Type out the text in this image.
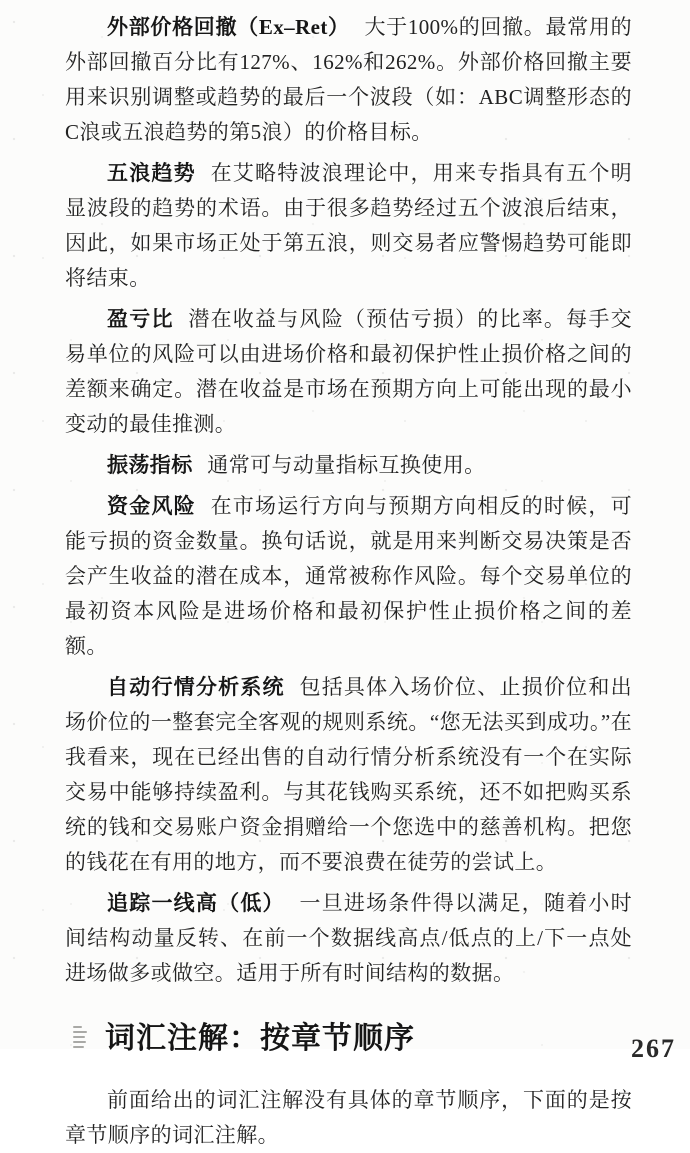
外部价格回撤（Ex–Ret） 大于100%的回撤。最常用的外部回撤百分比有127%、162%和262%。外部价格回撤主要用来识别调整或趋势的最后一个波段（如：ABC调整形态的C浪或五浪趋势的第5浪）的价格目标。

五浪趋势 在艾略特波浪理论中，用来专指具有五个明显波段的趋势的术语。由于很多趋势经过五个波浪后结束，因此，如果市场正处于第五浪，则交易者应警惕趋势可能即将结束。

盈亏比 潜在收益与风险（预估亏损）的比率。每手交易单位的风险可以由进场价格和最初保护性止损价格之间的差额来确定。潜在收益是市场在预期方向上可能出现的最小变动的最佳推测。

振荡指标 通常可与动量指标互换使用。

资金风险 在市场运行方向与预期方向相反的时候，可能亏损的资金数量。换句话说，就是用来判断交易决策是否会产生收益的潜在成本，通常被称作风险。每个交易单位的最初资本风险是进场价格和最初保护性止损价格之间的差额。

自动行情分析系统 包括具体入场价位、止损价位和出场价位的一整套完全客观的规则系统。“您无法买到成功。”在我看来，现在已经出售的自动行情分析系统没有一个在实际交易中能够持续盈利。与其花钱购买系统，还不如把购买系统的钱和交易账户资金捐赠给一个您选中的慈善机构。把您的钱花在有用的地方，而不要浪费在徒劳的尝试上。

追踪一线高（低） 一旦进场条件得以满足，随着小时间结构动量反转、在前一个数据线高点/低点的上/下一点处进场做多或做空。适用于所有时间结构的数据。

词汇注解：按章节顺序

前面给出的词汇注解没有具体的章节顺序，下面的是按章节顺序的词汇注解。

267
